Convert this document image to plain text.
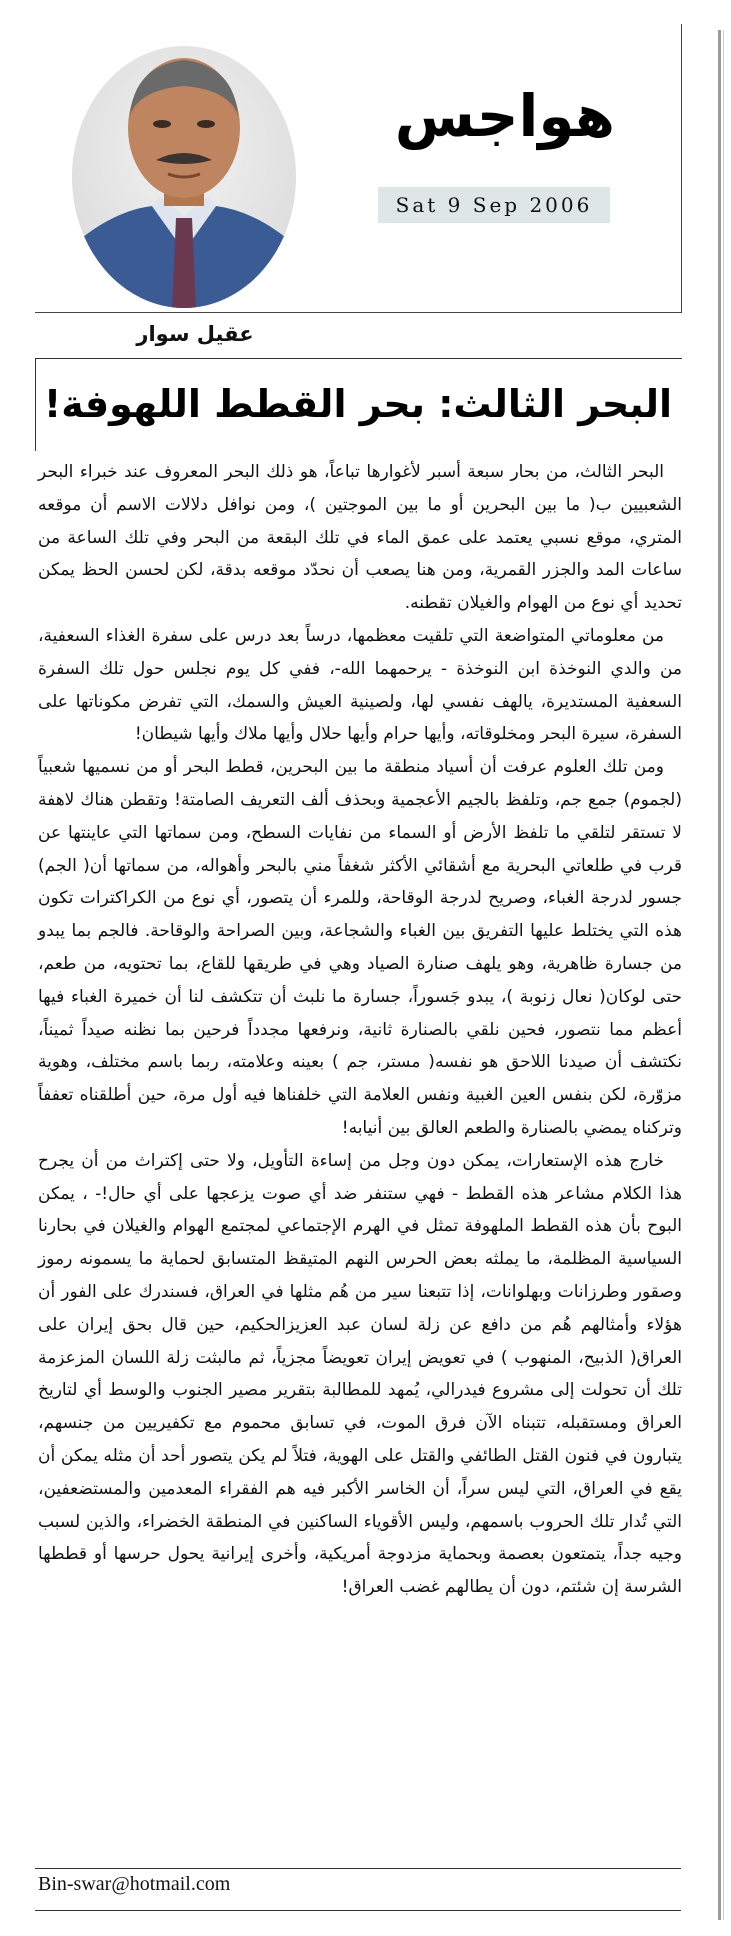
هواجس
Sat 9 Sep 2006
عقيل سوار
البحر الثالث: بحر القطط اللهوفة!

البحر الثالث، من بحار سبعة أسبر لأغوارها تباعاً، هو ذلك البحر المعروف عند خبراء البحر الشعبيين ب( ما بين البحرين أو ما بين الموجتين )، ومن نوافل دلالات الاسم أن موقعه المتري، موقع نسبي يعتمد على عمق الماء في تلك البقعة من البحر وفي تلك الساعة من ساعات المد والجزر القمرية، ومن هنا يصعب أن نحدّد موقعه بدقة، لكن لحسن الحظ يمكن تحديد أي نوع من الهوام والغيلان تقطنه.

من معلوماتي المتواضعة التي تلقيت معظمها، درساً بعد درس على سفرة الغذاء السعفية، من والدي النوخذة ابن النوخذة - يرحمهما الله-، ففي كل يوم نجلس حول تلك السفرة السعفية المستديرة، يالهف نفسي لها، ولصينية العيش والسمك، التي تفرض مكوناتها على السفرة، سيرة البحر ومخلوقاته، وأيها حرام وأيها حلال وأيها ملاك وأيها شيطان!

ومن تلك العلوم عرفت أن أسياد منطقة ما بين البحرين، قطط البحر أو من نسميها شعبياً (لجموم) جمع جم، وتلفظ بالجيم الأعجمية وبحذف ألف التعريف الصامتة! وتقطن هناك لاهفة لا تستقر لتلقي ما تلفظ الأرض أو السماء من نفايات السطح، ومن سماتها التي عاينتها عن قرب في طلعاتي البحرية مع أشقائي الأكثر شغفاً مني بالبحر وأهواله، من سماتها أن( الجم) جسور لدرجة الغباء، وصريح لدرجة الوقاحة، وللمرء أن يتصور، أي نوع من الكراكترات تكون هذه التي يختلط عليها التفريق بين الغباء والشجاعة، وبين الصراحة والوقاحة. فالجم بما يبدو من جسارة ظاهرية، وهو يلهف صنارة الصياد وهي في طريقها للقاع، بما تحتويه، من طعم، حتى لوكان( نعال زنوبة )، يبدو جَسوراً، جسارة ما نلبث أن تتكشف لنا أن خميرة الغباء فيها أعظم مما نتصور، فحين نلقي بالصنارة ثانية، ونرفعها مجدداً فرحين بما نظنه صيداً ثميناً، نكتشف أن صيدنا اللاحق هو نفسه( مستر، جم ) بعينه وعلامته، ربما باسم مختلف، وهوية مزوّرة، لكن بنفس العين الغبية ونفس العلامة التي خلفناها فيه أول مرة، حين أطلقناه تعففاً وتركناه يمضي بالصنارة والطعم العالق بين أنيابه!

خارج هذه الإستعارات، يمكن دون وجل من إساءة التأويل، ولا حتى إكتراث من أن يجرح هذا الكلام مشاعر هذه القطط - فهي ستنفر ضد أي صوت يزعجها على أي حال!- ، يمكن البوح بأن هذه القطط الملهوفة تمثل في الهرم الإجتماعي لمجتمع الهوام والغيلان في بحارنا السياسية المظلمة، ما يملثه بعض الحرس النهم المتيقظ المتسابق لحماية ما يسمونه رموز وصقور وطرزانات وبهلوانات، إذا تتبعنا سير من هُم مثلها في العراق، فسندرك على الفور أن هؤلاء وأمثالهم هُم من دافع عن زلة لسان عبد العزيزالحكيم، حين قال بحق إيران على العراق( الذبيح، المنهوب ) في تعويض إيران تعويضاً مجزياً، ثم مالبثت زلة اللسان المزعزمة تلك أن تحولت إلى مشروع فيدرالي، يُمهد للمطالبة بتقرير مصير الجنوب والوسط أي لتاريخ العراق ومستقبله، تتبناه الآن فرق الموت، في تسابق محموم مع تكفيريين من جنسهم، يتبارون في فنون القتل الطائفي والقتل على الهوية، فتلاً لم يكن يتصور أحد أن مثله يمكن أن يقع في العراق، التي ليس سراً، أن الخاسر الأكبر فيه هم الفقراء المعدمين والمستضعفين، التي تُدار تلك الحروب باسمهم، وليس الأقوياء الساكنين في المنطقة الخضراء، والذين لسبب وجيه جداً، يتمتعون بعصمة وبحماية مزدوجة أمريكية، وأخرى إيرانية يحول حرسها أو قططها الشرسة إن شئتم، دون أن يطالهم غضب العراق!

Bin-swar@hotmail.com
